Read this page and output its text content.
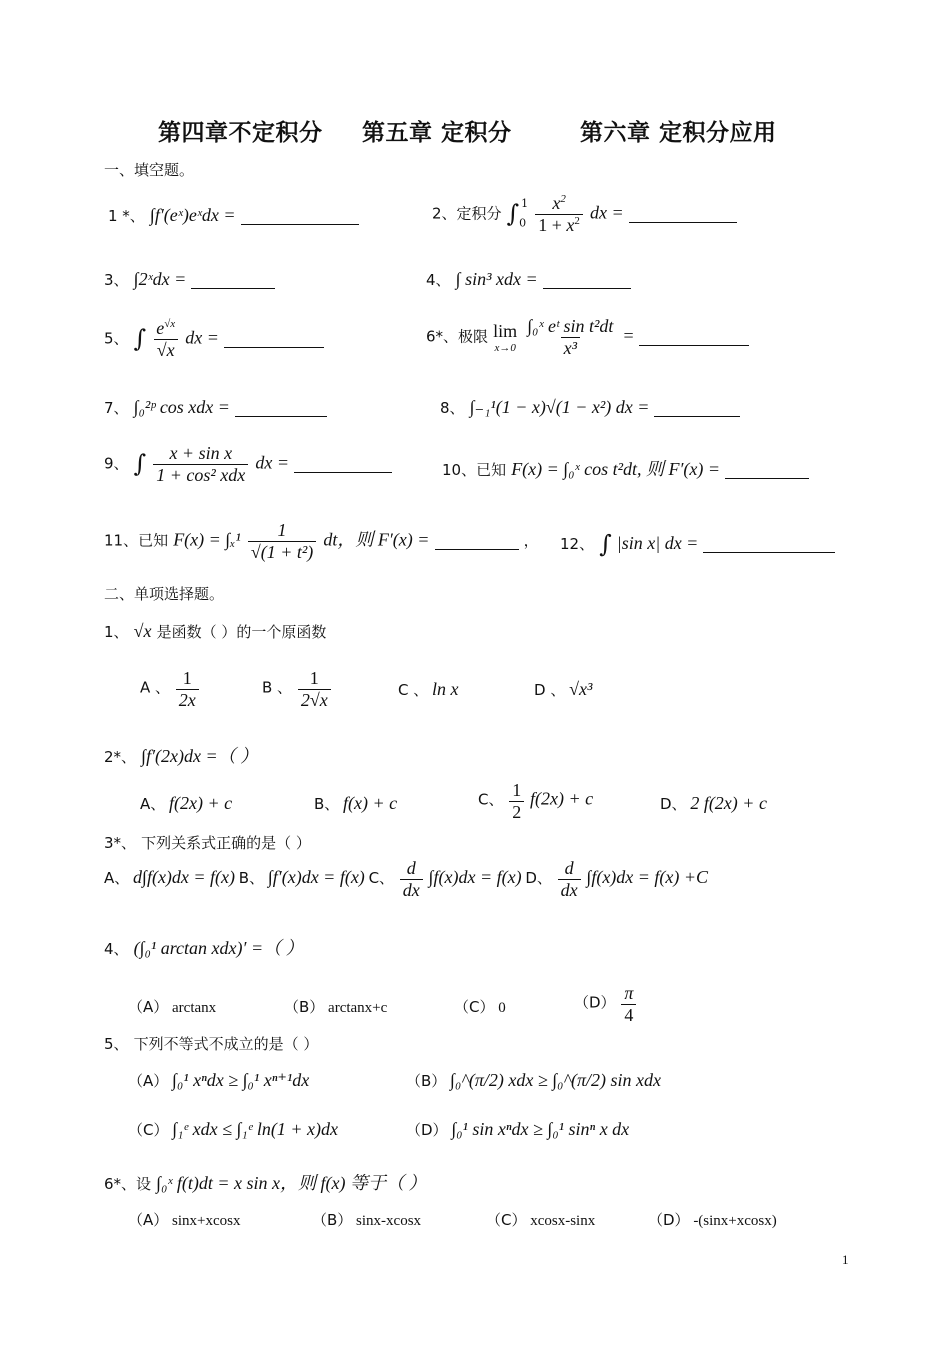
第四章不定积分 第五章 定积分	第六章 定积分应用
一、填空题。
1 *、 ∫f′(eˣ)eˣdx =	2、定积分 $\int_0^1 \frac{x^2}{1 + x^2}$ dx =
3、 ∫2ˣdx =	4、 ∫ sin³ xdx =
5、 ∫ $\frac{e^{√x}}{√x}$ dx =	6*、极限 lim
x→0
$\frac{\text{∫₀ˣ eᵗ sin t²dt}}{\text{x³}}$ =
7、 ∫₀²ᵖ cos xdx =	8、 ∫₋₁¹(1 − x)√(1 − x²) dx =
9、 ∫ $\frac{\text{x + sin x}}{\text{1 + cos² xdx}}$ dx =	10、已知 F(x) = ∫₀ˣ cos t²dt, 则 F′(x) =
11、已知 $F(x) = \int_x^1 \frac{1}{\text{√(1 + t²)}}$ dt，则 F′(x) =	， 12、 ∫ |sin x| dx =
二、单项选择题。
1、 √x 是函数（ ）的一个原函数
A 、 $\frac{1}{2x}$	B 、 $\frac{1}{2√x}$	C 、 ln x	D 、 √x³
2*、 ∫f′(2x)dx =（ ）
A、 f(2x) + c	B、 f(x) + c	C、 $\frac{1}{2} f(2x) + c$	D、 2 f(2x) + c
3*、 下列关系式正确的是（ ）
A、 d∫f(x)dx = f(x) B、 ∫f′(x)dx = f(x) C、 $\frac{d}{dx} \int f(x)dx = f(x)$ D、 $\frac{d}{dx} \int f(x)dx = f(x) +C$
4、 (∫₀¹ arctan xdx)′ =（ ）
（A） arctanx	（B） arctanx+c	（C） 0	$(D) \frac{\pi}{4}$
5、 下列不等式不成立的是（ ）
（A） ∫₀¹ xⁿdx ≥ ∫₀¹ xⁿ⁺¹dx	（B） ∫₀^(π/2) xdx ≥ ∫₀^(π/2) sin xdx
（C） ∫₁ᵉ xdx ≤ ∫₁ᵉ ln(1 + x)dx	（D） ∫₀¹ sin xⁿdx ≥ ∫₀¹ sinⁿ x dx
6*、设 ∫₀ˣ f(t)dt = x sin x，则 f(x) 等于（ ）
（A） sinx+xcosx	（B） sinx-xcosx	（C） xcosx-sinx	（D） -(sinx+xcosx)
1
